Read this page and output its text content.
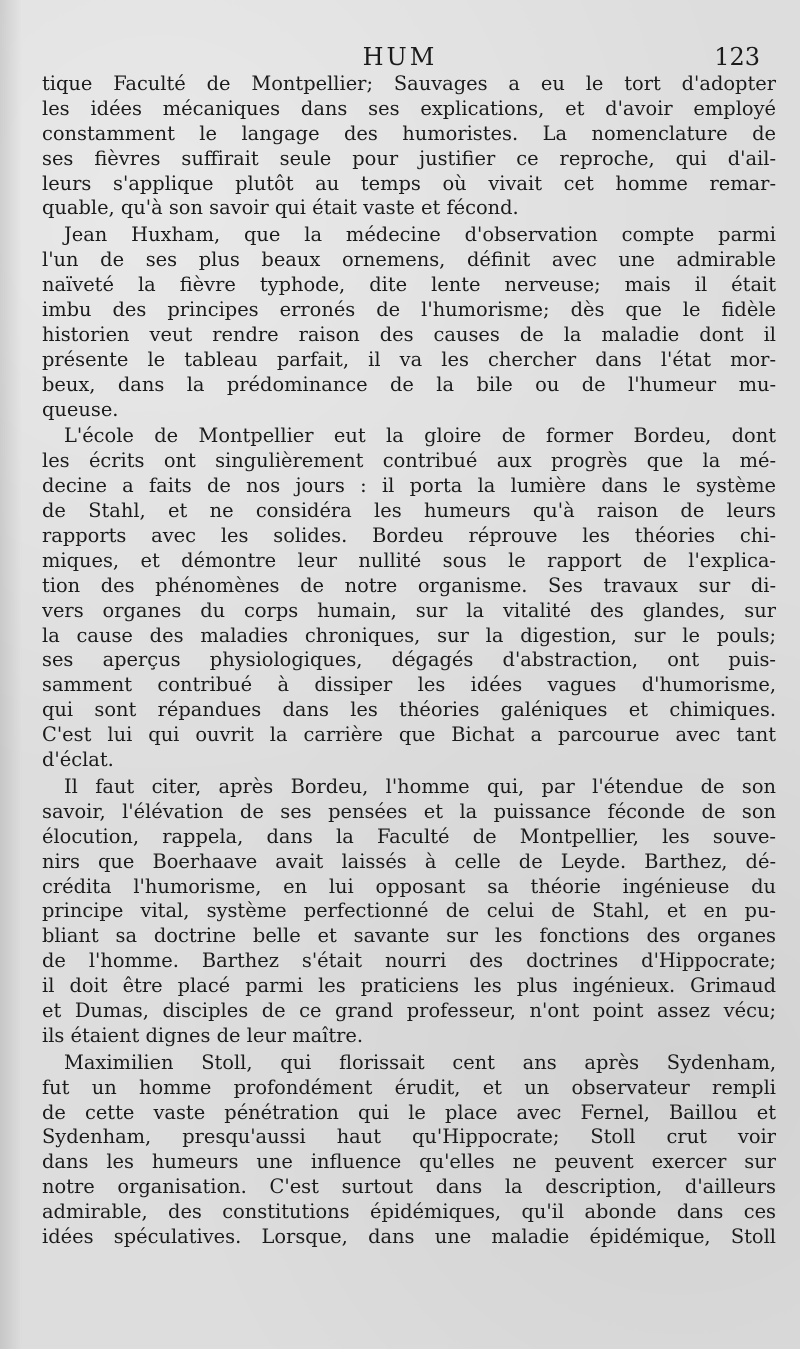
HUM	123
tique Faculté de Montpellier; Sauvages a eu le tort d'adopter
les idées mécaniques dans ses explications, et d'avoir employé
constamment le langage des humoristes. La nomenclature de
ses fièvres suffirait seule pour justifier ce reproche, qui d'ail-
leurs s'applique plutôt au temps où vivait cet homme remar-
quable, qu'à son savoir qui était vaste et fécond.
Jean Huxham, que la médecine d'observation compte parmi
l'un de ses plus beaux ornemens, définit avec une admirable
naïveté la fièvre typhode, dite lente nerveuse; mais il était
imbu des principes erronés de l'humorisme; dès que le fidèle
historien veut rendre raison des causes de la maladie dont il
présente le tableau parfait, il va les chercher dans l'état mor-
beux, dans la prédominance de la bile ou de l'humeur mu-
queuse.
L'école de Montpellier eut la gloire de former Bordeu, dont
les écrits ont singulièrement contribué aux progrès que la mé-
decine a faits de nos jours : il porta la lumière dans le système
de Stahl, et ne considéra les humeurs qu'à raison de leurs
rapports avec les solides. Bordeu réprouve les théories chi-
miques, et démontre leur nullité sous le rapport de l'explica-
tion des phénomènes de notre organisme. Ses travaux sur di-
vers organes du corps humain, sur la vitalité des glandes, sur
la cause des maladies chroniques, sur la digestion, sur le pouls;
ses aperçus physiologiques, dégagés d'abstraction, ont puis-
samment contribué à dissiper les idées vagues d'humorisme,
qui sont répandues dans les théories galéniques et chimiques.
C'est lui qui ouvrit la carrière que Bichat a parcourue avec tant
d'éclat.
Il faut citer, après Bordeu, l'homme qui, par l'étendue de son
savoir, l'élévation de ses pensées et la puissance féconde de son
élocution, rappela, dans la Faculté de Montpellier, les souve-
nirs que Boerhaave avait laissés à celle de Leyde. Barthez, dé-
crédita l'humorisme, en lui opposant sa théorie ingénieuse du
principe vital, système perfectionné de celui de Stahl, et en pu-
bliant sa doctrine belle et savante sur les fonctions des organes
de l'homme. Barthez s'était nourri des doctrines d'Hippocrate;
il doit être placé parmi les praticiens les plus ingénieux. Grimaud
et Dumas, disciples de ce grand professeur, n'ont point assez vécu;
ils étaient dignes de leur maître.
Maximilien Stoll, qui florissait cent ans après Sydenham,
fut un homme profondément érudit, et un observateur rempli
de cette vaste pénétration qui le place avec Fernel, Baillou et
Sydenham, presqu'aussi haut qu'Hippocrate; Stoll crut voir
dans les humeurs une influence qu'elles ne peuvent exercer sur
notre organisation. C'est surtout dans la description, d'ailleurs
admirable, des constitutions épidémiques, qu'il abonde dans ces
idées spéculatives. Lorsque, dans une maladie épidémique, Stoll
